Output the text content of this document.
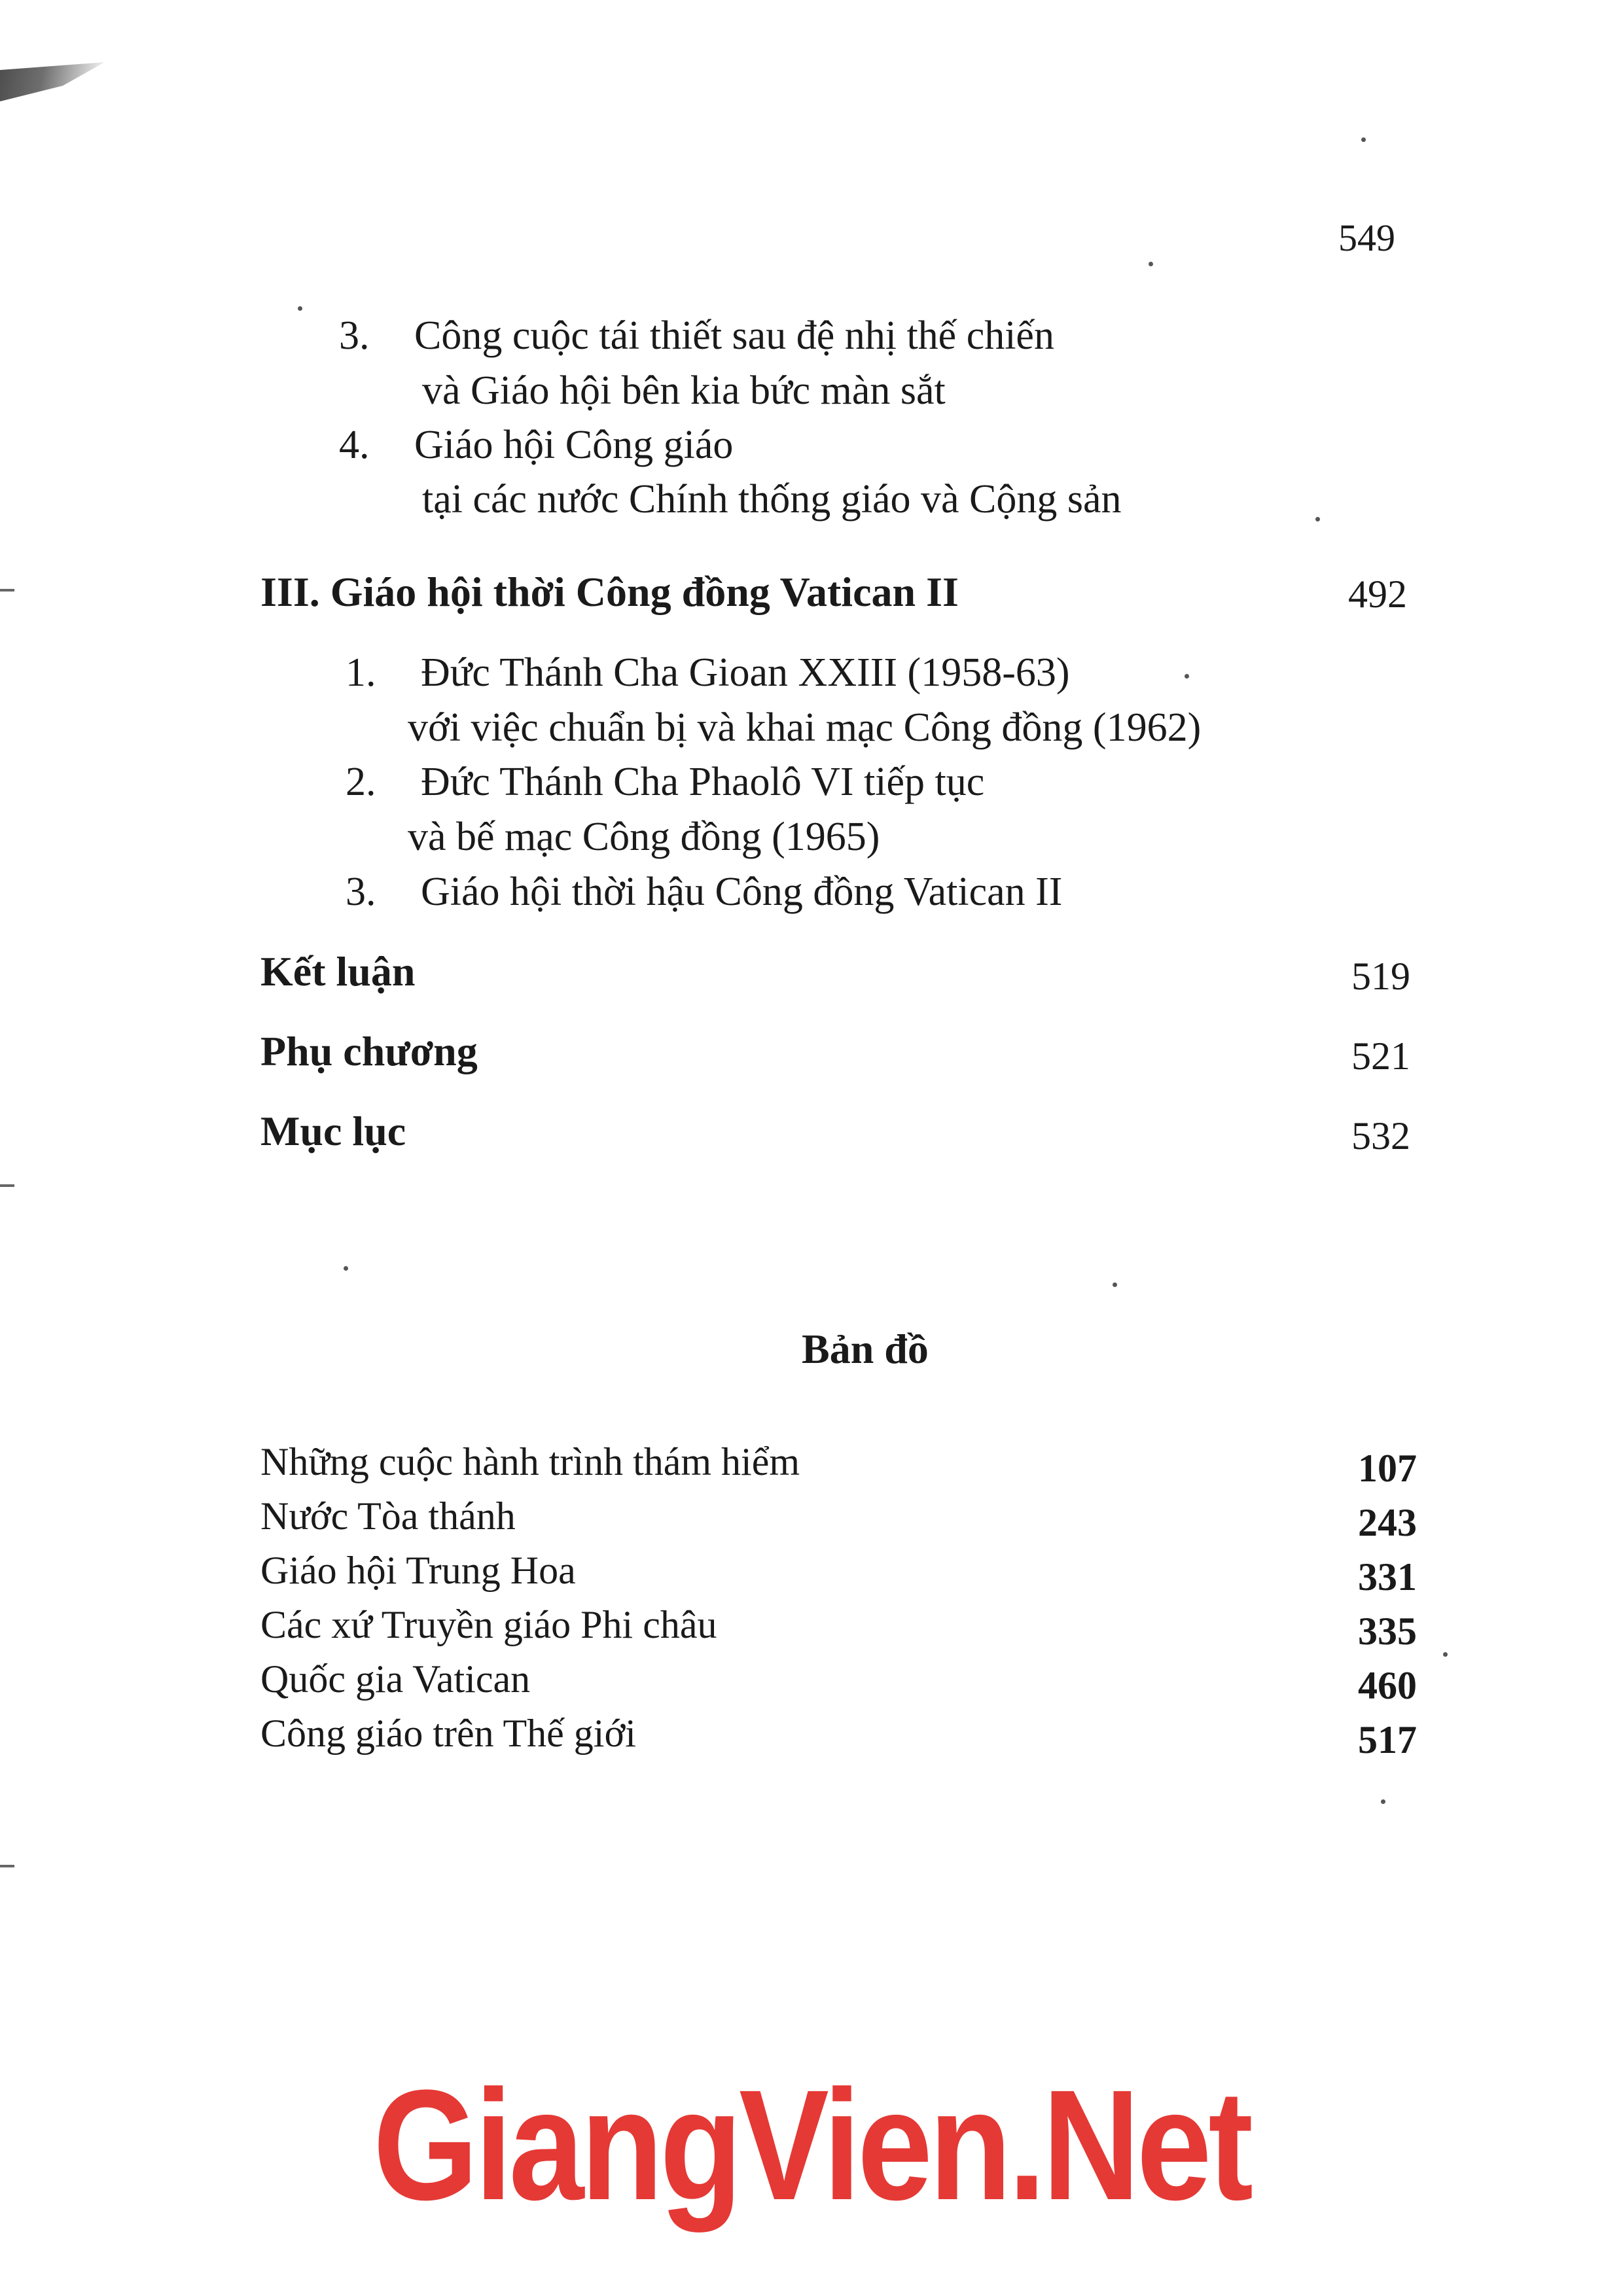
549
3. Công cuộc tái thiết sau đệ nhị thế chiến
và Giáo hội bên kia bức màn sắt
4. Giáo hội Công giáo
tại các nước Chính thống giáo và Cộng sản
III. Giáo hội thời Công đồng Vatican II	492
1. Đức Thánh Cha Gioan XXIII (1958-63)
với việc chuẩn bị và khai mạc Công đồng (1962)
2. Đức Thánh Cha Phaolô VI tiếp tục
và bế mạc Công đồng (1965)
3. Giáo hội thời hậu Công đồng Vatican II
Kết luận	519
Phụ chương	521
Mục lục	532
Bản đồ
Những cuộc hành trình thám hiểm	107
Nước Tòa thánh	243
Giáo hội Trung Hoa	331
Các xứ Truyền giáo Phi châu	335
Quốc gia Vatican	460
Công giáo trên Thế giới	517
GiangVien.Net
